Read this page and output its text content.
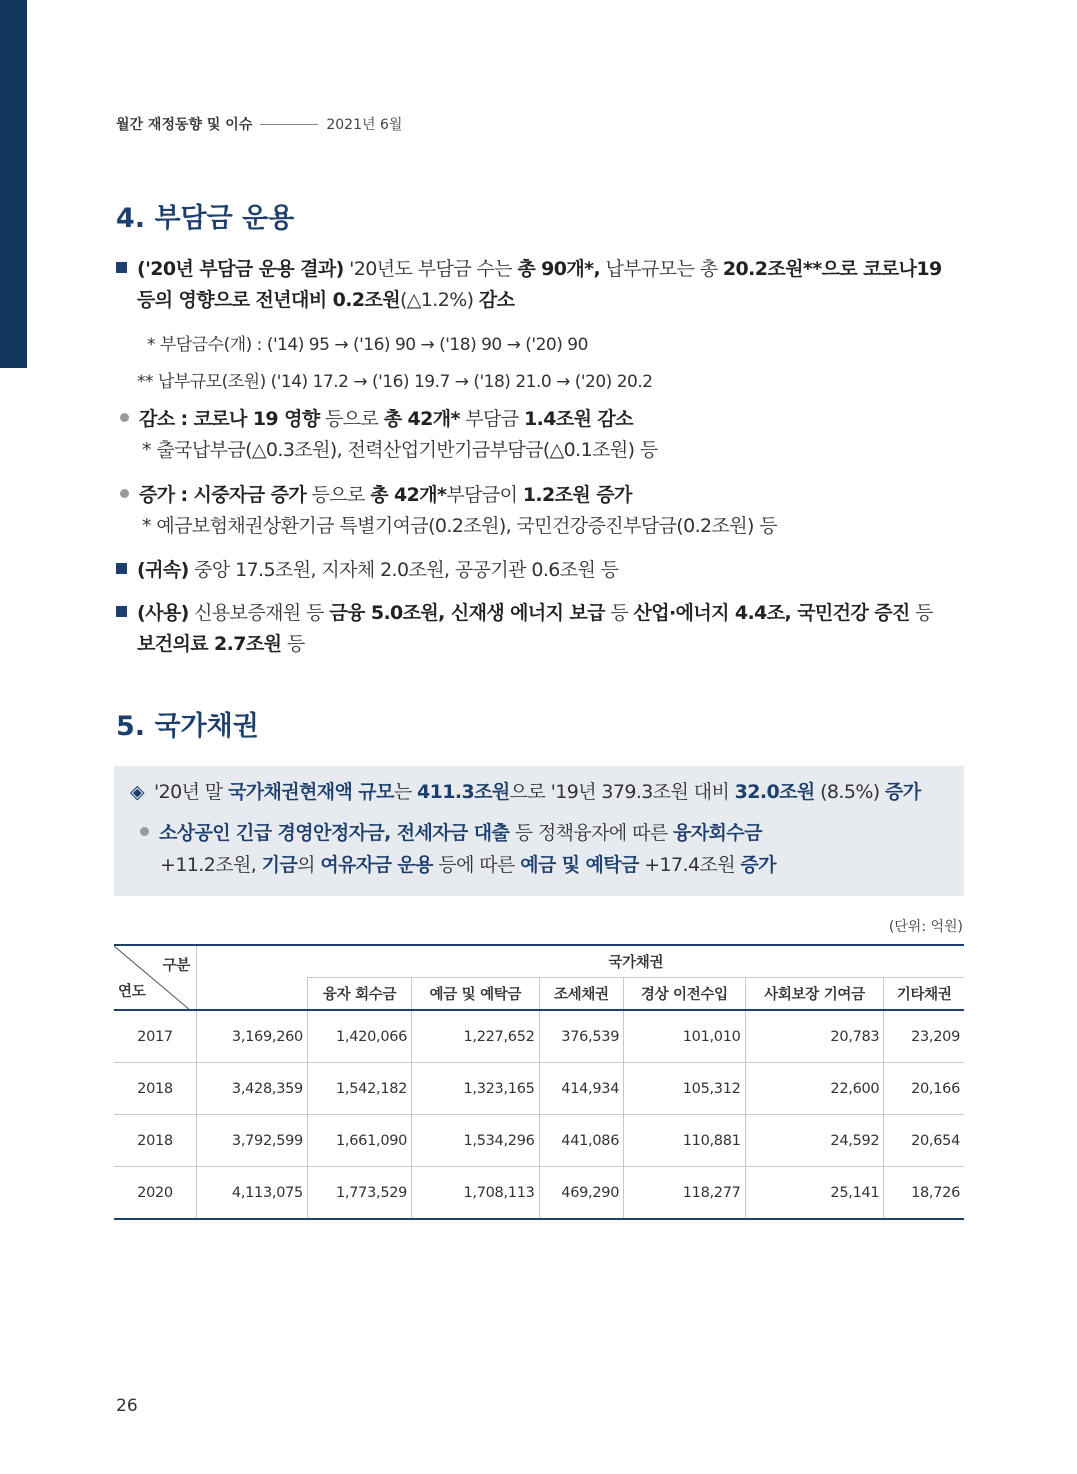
월간 재정동향 및 이슈	2021년 6월
4. 부담금 운용
('20년 부담금 운용 결과) '20년도 부담금 수는 총 90개*, 납부규모는 총 20.2조원**으로 코로나19
등의 영향으로 전년대비 0.2조원(△1.2%) 감소
* 부담금수(개) : ('14) 95 → ('16) 90 → ('18) 90 → ('20) 90
** 납부규모(조원) ('14) 17.2 → ('16) 19.7 → ('18) 21.0 → ('20) 20.2
감소 : 코로나 19 영향 등으로 총 42개* 부담금 1.4조원 감소
* 출국납부금(△0.3조원), 전력산업기반기금부담금(△0.1조원) 등
증가 : 시중자금 증가 등으로 총 42개*부담금이 1.2조원 증가
* 예금보험채권상환기금 특별기여금(0.2조원), 국민건강증진부담금(0.2조원) 등
(귀속) 중앙 17.5조원, 지자체 2.0조원, 공공기관 0.6조원 등
(사용) 신용보증재원 등 금융 5.0조원, 신재생 에너지 보급 등 산업·에너지 4.4조, 국민건강 증진 등
보건의료 2.7조원 등
5. 국가채권
◈ '20년 말 국가채권현재액 규모는 411.3조원으로 '19년 379.3조원 대비 32.0조원 (8.5%) 증가
소상공인 긴급 경영안정자금, 전세자금 대출 등 정책융자에 따른 융자회수금
+11.2조원, 기금의 여유자금 운용 등에 따른 예금 및 예탁금 +17.4조원 증가
(단위: 억원)
구분
연도		국가채권					
		융자 회수금	예금 및 예탁금	조세채권	경상 이전수입	사회보장 기여금	기타채권
2017	3,169,260	1,420,066	1,227,652	376,539	101,010	20,783	23,209
2018	3,428,359	1,542,182	1,323,165	414,934	105,312	22,600	20,166
2018	3,792,599	1,661,090	1,534,296	441,086	110,881	24,592	20,654
2020	4,113,075	1,773,529	1,708,113	469,290	118,277	25,141	18,726
26
